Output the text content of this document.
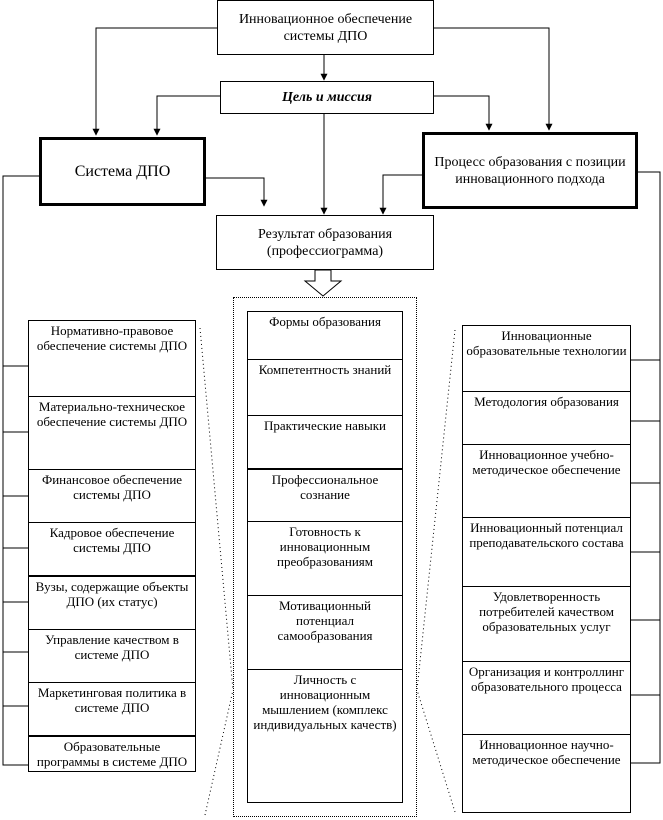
Инновационное обеспечение системы ДПО
Цель и миссия
Система ДПО
Процесс образования с позиции инновационного подхода
Результат образования (профессиограмма)
Нормативно-правовое обеспечение системы ДПО
Материально-техническое обеспечение системы ДПО
Финансовое обеспечение системы ДПО
Кадровое обеспечение системы ДПО
Вузы, содержащие объекты ДПО (их статус)
Управление качеством в системе ДПО
Маркетинговая политика в системе ДПО
Образовательные программы в системе ДПО
Формы образования
Компетентность знаний
Практические навыки
Профессиональное сознание
Готовность к инновационным преобразованиям
Мотивационный потенциал самообразования
Личность с инновационным мышлением (комплекс индивидуальных качеств)
Инновационные образовательные технологии
Методология образования
Инновационное учебно-методическое обеспечение
Инновационный потенциал преподавательского состава
Удовлетворенность потребителей качеством образовательных услуг
Организация и контроллинг образовательного процесса
Инновационное научно-методическое обеспечение
